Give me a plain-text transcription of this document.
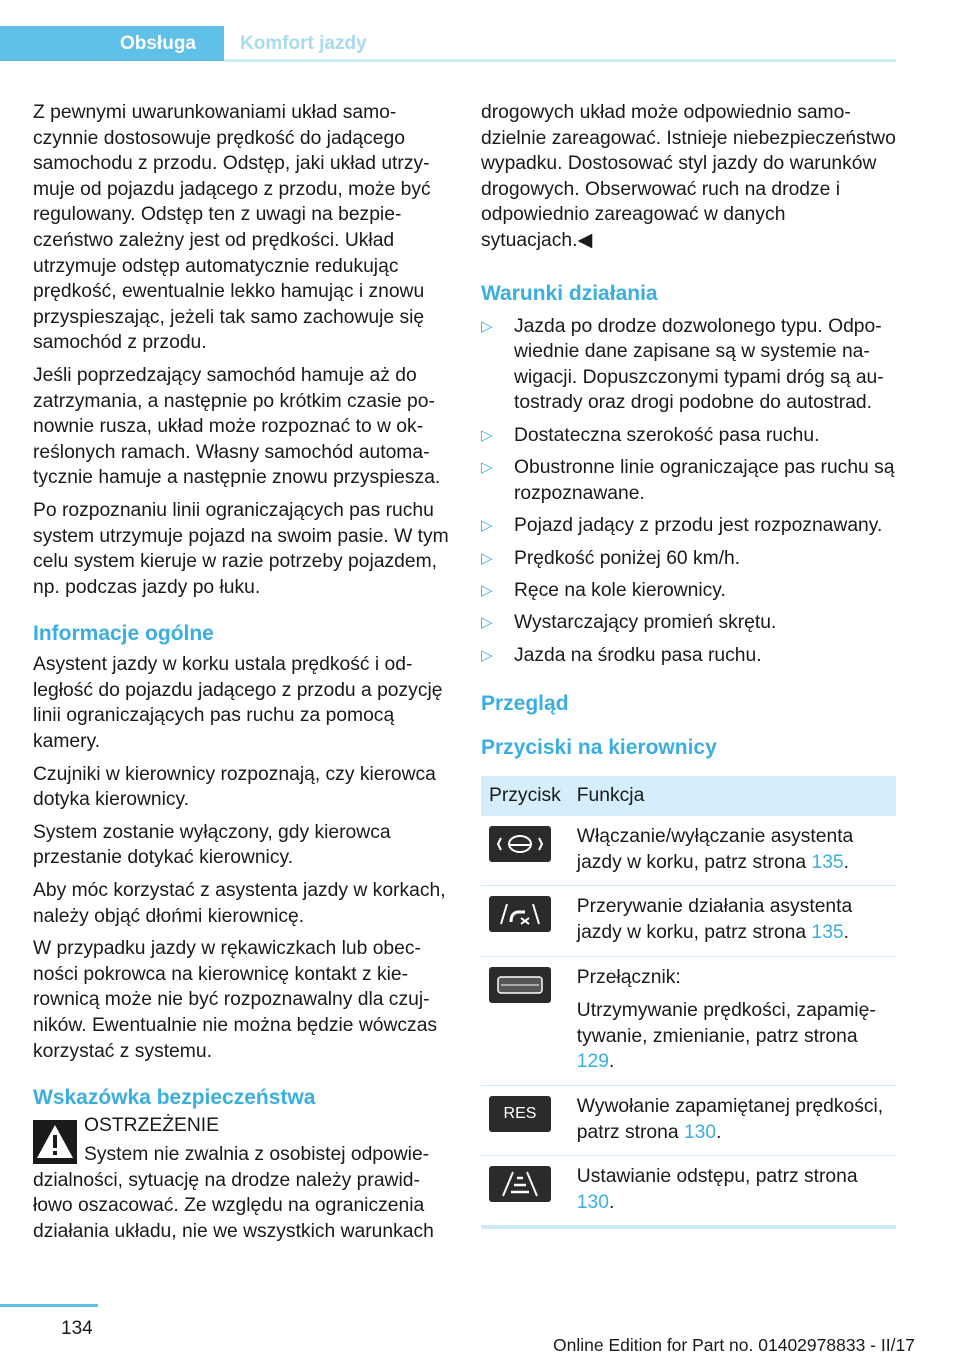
Obsługa Komfort jazdy

Z pewnymi uwarunkowaniami układ samoczynnie dostosowuje prędkość do jadącego samochodu z przodu. Odstęp, jaki układ utrzymuje od pojazdu jadącego z przodu, może być regulowany. Odstęp ten z uwagi na bezpieczeństwo zależny jest od prędkości. Układ utrzymuje odstęp automatycznie redukując prędkość, ewentualnie lekko hamując i znowu przyspieszając, jeżeli tak samo zachowuje się samochód z przodu.

Jeśli poprzedzający samochód hamuje aż do zatrzymania, a następnie po krótkim czasie ponownie rusza, układ może rozpoznać to w określonych ramach. Własny samochód automatycznie hamuje a następnie znowu przyspiesza.

Po rozpoznaniu linii ograniczających pas ruchu system utrzymuje pojazd na swoim pasie. W tym celu system kieruje w razie potrzeby pojazdem, np. podczas jazdy po łuku.

Informacje ogólne

Asystent jazdy w korku ustala prędkość i odległość do pojazdu jadącego z przodu a pozycję linii ograniczających pas ruchu za pomocą kamery.

Czujniki w kierownicy rozpoznają, czy kierowca dotyka kierownicy.

System zostanie wyłączony, gdy kierowca przestanie dotykać kierownicy.

Aby móc korzystać z asystenta jazdy w korkach, należy objąć dłońmi kierownicę.

W przypadku jazdy w rękawiczkach lub obecności pokrowca na kierownicę kontakt z kierownicą może nie być rozpoznawalny dla czujników. Ewentualnie nie można będzie wówczas korzystać z systemu.

Wskazówka bezpieczeństwa

OSTRZEŻENIE

System nie zwalnia z osobistej odpowiedzialności, sytuację na drodze należy prawidłowo oszacować. Ze względu na ograniczenia działania układu, nie we wszystkich warunkach

drogowych układ może odpowiednio samodzielnie zareagować. Istnieje niebezpieczeństwo wypadku. Dostosować styl jazdy do warunków drogowych. Obserwować ruch na drodze i odpowiednio zareagować w danych sytuacjach.◀

Warunki działania
▷ Jazda po drodze dozwolonego typu. Odpowiednie dane zapisane są w systemie nawigacji. Dopuszczonymi typami dróg są autostrady oraz drogi podobne do autostrad.
▷ Dostateczna szerokość pasa ruchu.
▷ Obustronne linie ograniczające pas ruchu są rozpoznawane.
▷ Pojazd jadący z przodu jest rozpoznawany.
▷ Prędkość poniżej 60 km/h.
▷ Ręce na kole kierownicy.
▷ Wystarczający promień skrętu.
▷ Jazda na środku pasa ruchu.
Przegląd
Przyciski na kierownicy
Przycisk	Funkcja

	Włączanie/wyłączanie asystenta jazdy w korku, patrz strona 135.

	Przerywanie działania asystenta jazdy w korku, patrz strona 135.

Przełącznik:

Utrzymywanie prędkości, zapamiętywanie, zmienianie, patrz strona 129.

RES	Wywołanie zapamiętanej prędkości, patrz strona 130.

	Ustawianie odstępu, patrz strona 130.
134
Online Edition for Part no. 01402978833 - II/17
